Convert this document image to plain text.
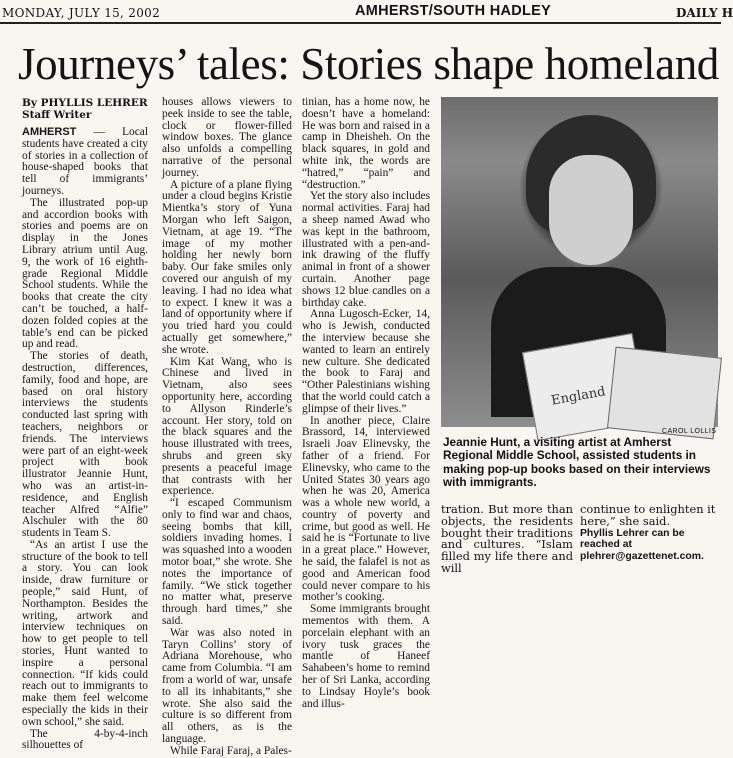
MONDAY, JULY 15, 2002	AMHERST/SOUTH HADLEY	DAILY H
Journeys’ tales: Stories shape homeland
By PHYLLIS LEHRER
Staff Writer

AMHERST — Local students have created a city of stories in a collection of house-shaped books that tell of immigrants’ journeys.

The illustrated pop-up and accordion books with stories and poems are on display in the Jones Library atrium until Aug. 9, the work of 16 eighth-grade Regional Middle School students. While the books that create the city can’t be touched, a half-dozen folded copies at the table’s end can be picked up and read.

The stories of death, destruction, differences, family, food and hope, are based on oral history interviews the students conducted last spring with teachers, neighbors or friends. The interviews were part of an eight-week project with book illustrator Jeannie Hunt, who was an artist-in-residence, and English teacher Alfred “Alfie” Alschuler with the 80 students in Team S.

“As an artist I use the structure of the book to tell a story. You can look inside, draw furniture or people,” said Hunt, of Northampton. Besides the writing, artwork and interview techniques on how to get people to tell stories, Hunt wanted to inspire a personal connection. “If kids could reach out to immigrants to make them feel welcome especially the kids in their own school,” she said.

The 4-by-4-inch silhouettes of

houses allows viewers to peek inside to see the table, clock or flower-filled window boxes. The glance also unfolds a compelling narrative of the personal journey.

A picture of a plane flying under a cloud begins Kristie Mientka’s story of Yuna Morgan who left Saigon, Vietnam, at age 19. “The image of my mother holding her newly born baby. Our fake smiles only covered our anguish of my leaving. I had no idea what to expect. I knew it was a land of opportunity where if you tried hard you could actually get somewhere,” she wrote.

Kim Kat Wang, who is Chinese and lived in Vietnam, also sees opportunity here, according to Allyson Rinderle’s account. Her story, told on the black squares and the house illustrated with trees, shrubs and green sky presents a peaceful image that contrasts with her experience.

“I escaped Communism only to find war and chaos, seeing bombs that kill, soldiers invading homes. I was squashed into a wooden motor boat,” she wrote. She notes the importance of family. “We stick together no matter what, preserve through hard times,” she said.

War was also noted in Taryn Collins’ story of Adriana Morehouse, who came from Columbia. “I am from a world of war, unsafe to all its inhabitants,” she wrote. She also said the culture is so different from all others, as is the language.

While Faraj Faraj, a Pales-

tinian, has a home now, he doesn’t have a homeland: He was born and raised in a camp in Dheisheh. On the black squares, in gold and white ink, the words are “hatred,” “pain” and “destruction.”

Yet the story also includes normal activities. Faraj had a sheep named Awad who was kept in the bathroom, illustrated with a pen-and-ink drawing of the fluffy animal in front of a shower curtain. Another page shows 12 blue candles on a birthday cake.

Anna Lugosch-Ecker, 14, who is Jewish, conducted the interview because she wanted to learn an entirely new culture. She dedicated the book to Faraj and “Other Palestinians wishing that the world could catch a glimpse of their lives.”

In another piece, Claire Brassord, 14, interviewed Israeli Joav Elinevsky, the father of a friend. For Elinevsky, who came to the United States 30 years ago when he was 20, America was a whole new world, a country of poverty and crime, but good as well. He said he is “Fortunate to live in a great place.” However, he said, the falafel is not as good and American food could never compare to his mother’s cooking.

Some immigrants brought mementos with them. A porcelain elephant with an ivory tusk graces the mantle of Haneef Sahabeen’s home to remind her of Sri Lanka, according to Lindsay Hoyle’s book and illus-

England
CAROL LOLLIS

Jeannie Hunt, a visiting artist at Amherst Regional Middle School, assisted students in making pop-up books based on their interviews with immigrants.

tration. But more than objects, the residents bought their traditions and cultures. “Islam filled my life there and will

continue to enlighten it here,” she said.

Phyllis Lehrer can be reached at

plehrer@gazettenet.com.
